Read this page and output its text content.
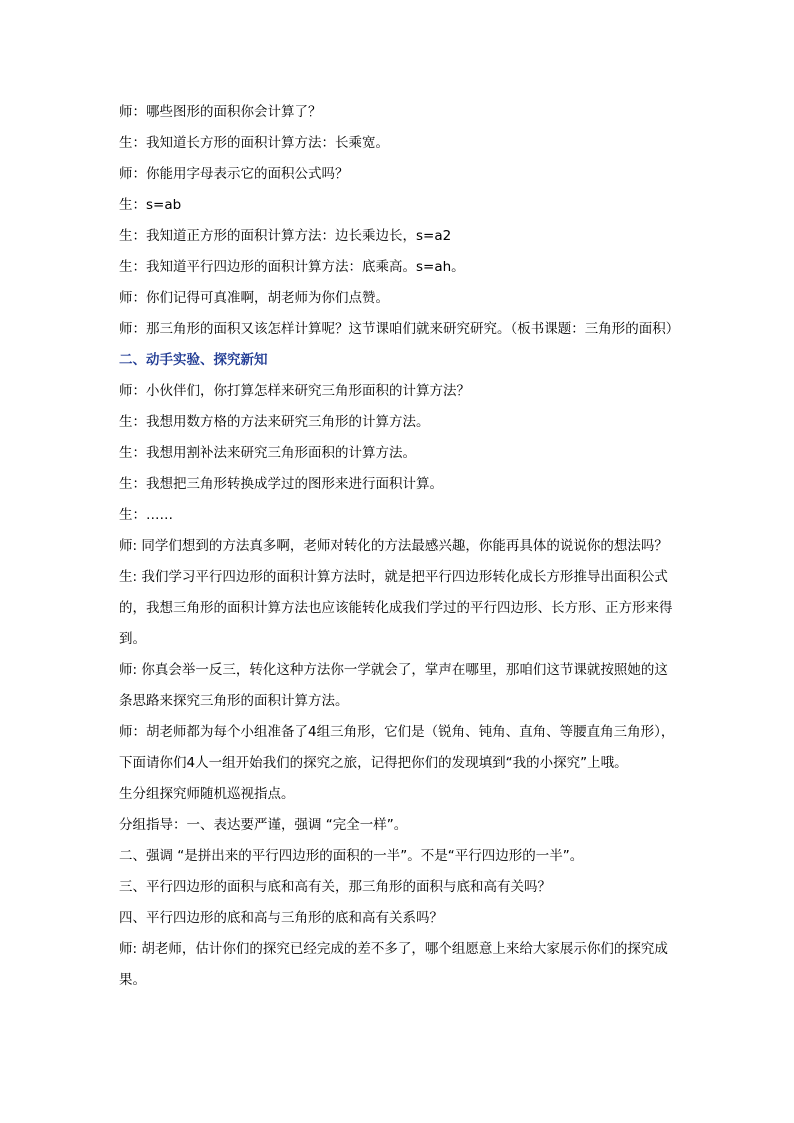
师：哪些图形的面积你会计算了？
生：我知道长方形的面积计算方法：长乘宽。
师：你能用字母表示它的面积公式吗？
生：s=ab
生：我知道正方形的面积计算方法：边长乘边长，s=a2
生：我知道平行四边形的面积计算方法：底乘高。s=ah。
师：你们记得可真准啊，胡老师为你们点赞。
师：那三角形的面积又该怎样计算呢？这节课咱们就来研究研究。（板书课题：三角形的面积）
二、动手实验、探究新知
师：小伙伴们，你打算怎样来研究三角形面积的计算方法？
生：我想用数方格的方法来研究三角形的计算方法。
生：我想用割补法来研究三角形面积的计算方法。
生：我想把三角形转换成学过的图形来进行面积计算。
生：……
师: 同学们想到的方法真多啊，老师对转化的方法最感兴趣，你能再具体的说说你的想法吗？
生: 我们学习平行四边形的面积计算方法时，就是把平行四边形转化成长方形推导出面积公式的，我想三角形的面积计算方法也应该能转化成我们学过的平行四边形、长方形、正方形来得到。
师: 你真会举一反三，转化这种方法你一学就会了，掌声在哪里，那咱们这节课就按照她的这条思路来探究三角形的面积计算方法。
师：胡老师都为每个小组准备了4组三角形，它们是（锐角、钝角、直角、等腰直角三角形），下面请你们4人一组开始我们的探究之旅，记得把你们的发现填到“我的小探究”上哦。
生分组探究师随机巡视指点。
分组指导：一、表达要严谨，强调 “完全一样”。
二、强调 “是拼出来的平行四边形的面积的一半”。不是“平行四边形的一半”。
三、平行四边形的面积与底和高有关，那三角形的面积与底和高有关吗？
四、平行四边形的底和高与三角形的底和高有关系吗？
师: 胡老师，估计你们的探究已经完成的差不多了，哪个组愿意上来给大家展示你们的探究成果。
